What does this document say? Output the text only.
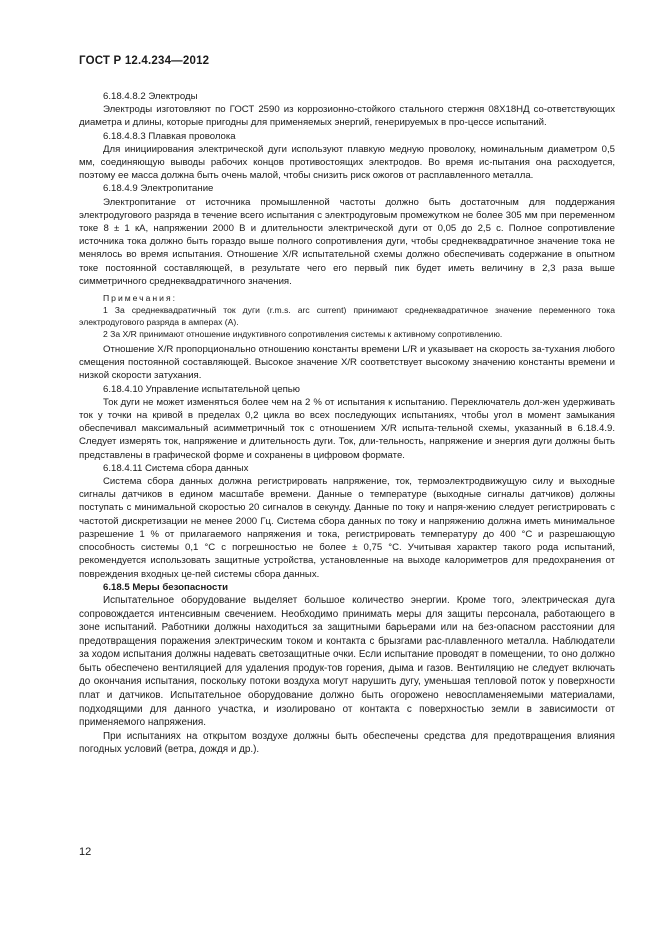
ГОСТ Р 12.4.234—2012

6.18.4.8.2 Электроды

Электроды изготовляют по ГОСТ 2590 из коррозионно-стойкого стального стержня 08Х18НД со-ответствующих диаметра и длины, которые пригодны для применяемых энергий, генерируемых в про-цессе испытаний.

6.18.4.8.3 Плавкая проволока

Для инициирования электрической дуги используют плавкую медную проволоку, номинальным диаметром 0,5 мм, соединяющую выводы рабочих концов противостоящих электродов. Во время ис-пытания она расходуется, поэтому ее масса должна быть очень малой, чтобы снизить риск ожогов от расплавленного металла.

6.18.4.9 Электропитание

Электропитание от источника промышленной частоты должно быть достаточным для поддержания электродугового разряда в течение всего испытания с электродуговым промежутком не более 305 мм при переменном токе 8 ± 1 кА, напряжении 2000 В и длительности электрической дуги от 0,05 до 2,5 с. Полное сопротивление источника тока должно быть гораздо выше полного сопротивления дуги, чтобы среднеквадратичное значение тока не менялось во время испытания. Отношение X/R испытательной схемы должно обеспечивать содержание в опытном токе постоянной составляющей, в результате чего его первый пик будет иметь величину в 2,3 раза выше симметричного среднеквадратичного значения.

Примечания:

1 За среднеквадратичный ток дуги (r.m.s. arc current) принимают среднеквадратичное значение переменного тока электродугового разряда в амперах (А).

2 За X/R принимают отношение индуктивного сопротивления системы к активному сопротивлению.

Отношение X/R пропорционально отношению константы времени L/R и указывает на скорость за-тухания любого смещения постоянной составляющей. Высокое значение X/R соответствует высокому значению константы времени и низкой скорости затухания.

6.18.4.10 Управление испытательной цепью

Ток дуги не может изменяться более чем на 2 % от испытания к испытанию. Переключатель дол-жен удерживать ток у точки на кривой в пределах 0,2 цикла во всех последующих испытаниях, чтобы угол в момент замыкания обеспечивал максимальный асимметричный ток с отношением X/R испыта-тельной схемы, указанный в 6.18.4.9. Следует измерять ток, напряжение и длительность дуги. Ток, дли-тельность, напряжение и энергия дуги должны быть представлены в графической форме и сохранены в цифровом формате.

6.18.4.11 Система сбора данных

Система сбора данных должна регистрировать напряжение, ток, термоэлектродвижущую силу и выходные сигналы датчиков в едином масштабе времени. Данные о температуре (выходные сигналы датчиков) должны поступать с минимальной скоростью 20 сигналов в секунду. Данные по току и напря-жению следует регистрировать с частотой дискретизации не менее 2000 Гц. Система сбора данных по току и напряжению должна иметь минимальное разрешение 1 % от прилагаемого напряжения и тока, регистрировать температуру до 400 °С и разрешающую способность системы 0,1 °С с погрешностью не более ± 0,75 °С. Учитывая характер такого рода испытаний, рекомендуется использовать защитные устройства, установленные на выходе калориметров для предохранения от повреждения входных це-пей системы сбора данных.

6.18.5 Меры безопасности

Испытательное оборудование выделяет большое количество энергии. Кроме того, электрическая дуга сопровождается интенсивным свечением. Необходимо принимать меры для защиты персонала, работающего в зоне испытаний. Работники должны находиться за защитными барьерами или на без-опасном расстоянии для предотвращения поражения электрическим током и контакта с брызгами рас-плавленного металла. Наблюдатели за ходом испытания должны надевать светозащитные очки. Если испытание проводят в помещении, то оно должно быть обеспечено вентиляцией для удаления продук-тов горения, дыма и газов. Вентиляцию не следует включать до окончания испытания, поскольку потоки воздуха могут нарушить дугу, уменьшая тепловой поток у поверхности плат и датчиков. Испытательное оборудование должно быть огорожено невоспламеняемыми материалами, подходящими для данного участка, и изолировано от контакта с поверхностью земли в зависимости от применяемого напряжения.

При испытаниях на открытом воздухе должны быть обеспечены средства для предотвращения влияния погодных условий (ветра, дождя и др.).

12
